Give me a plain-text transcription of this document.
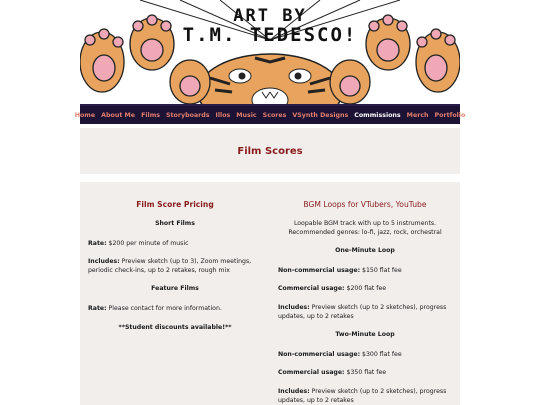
ART BY
T.M. TEDESCO!
Home About Me Films Storyboards Illos Music Scores VSynth Designs Commissions Merch Portfolio
Film Scores
Film Score Pricing
Short Films
Rate: $200 per minute of music
Includes: Preview sketch (up to 3), Zoom meetings, periodic check-ins, up to 2 retakes, rough mix
Feature Films
Rate: Please contact for more information.
**Student discounts available!**
BGM Loops for VTubers, YouTube
Loopable BGM track with up to 5 instruments.
Recommended genres: lo-fi, jazz, rock, orchestral
One-Minute Loop
Non-commercial usage: $150 flat fee
Commercial usage: $200 flat fee
Includes: Preview sketch (up to 2 sketches), progress updates, up to 2 retakes
Two-Minute Loop
Non-commercial usage: $300 flat fee
Commercial usage: $350 flat fee
Includes: Preview sketch (up to 2 sketches), progress updates, up to 2 retakes
